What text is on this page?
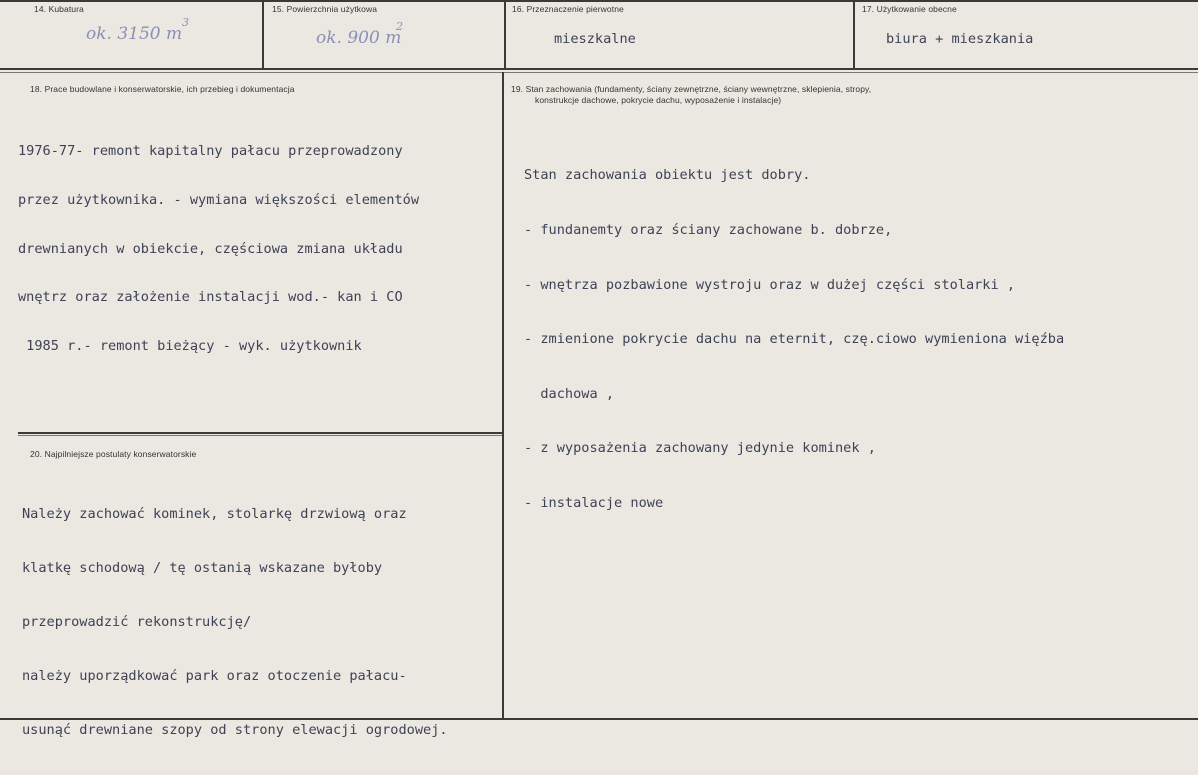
14. Kubatura
ok. 3150 m
3
15. Powierzchnia użytkowa
ok. 900 m
2
16. Przeznaczenie pierwotne
mieszkalne
17. Użytkowanie obecne
biura + mieszkania
18. Prace budowlane i konserwatorskie, ich przebieg i dokumentacja

1976-77- remont kapitalny pałacu przeprowadzony

przez użytkownika. - wymiana większości elementów

drewnianych w obiekcie, częściowa zmiana układu

wnętrz oraz założenie instalacji wod.- kan i CO

1985 r.- remont bieżący - wyk. użytkownik

19. Stan zachowania (fundamenty, ściany zewnętrzne, ściany wewnętrzne, sklepienia, stropy,
konstrukcje dachowe, pokrycie dachu, wyposażenie i instalacje)

Stan zachowania obiektu jest dobry.

- fundanemty oraz ściany zachowane b. dobrze,

- wnętrza pozbawione wystroju oraz w dużej części stolarki ,

- zmienione pokrycie dachu na eternit, czę.ciowo wymieniona więźba

dachowa ,

- z wyposażenia zachowany jedynie kominek ,

- instalacje nowe

20. Najpilniejsze postulaty konserwatorskie

Należy zachować kominek, stolarkę drzwiową oraz

klatkę schodową / tę ostanią wskazane byłoby

przeprowadzić rekonstrukcję/

należy uporządkować park oraz otoczenie pałacu-

usunąć drewniane szopy od strony elewacji ogrodowej.
